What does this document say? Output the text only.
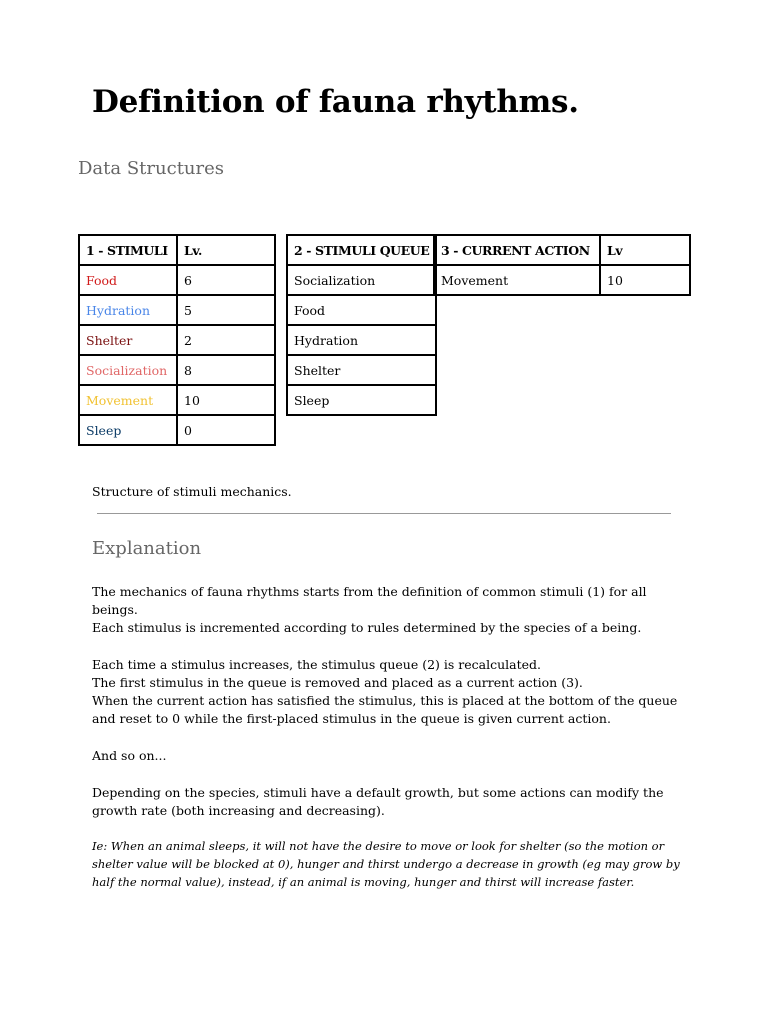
Definition of fauna rhythms.
Data Structures
1 - STIMULI	Lv.
Food	6
Hydration	5
Shelter	2
Socialization	8
Movement	10
Sleep	0
2 - STIMULI QUEUE
Socialization
Food
Hydration
Shelter
Sleep
3 - CURRENT ACTION	Lv
Movement	10

Structure of stimuli mechanics.

Explanation

The mechanics of fauna rhythms starts from the definition of common stimuli (1) for all beings.

Each stimulus is incremented according to rules determined by the species of a being.

Each time a stimulus increases, the stimulus queue (2) is recalculated.

The first stimulus in the queue is removed and placed as a current action (3).

When the current action has satisfied the stimulus, this is placed at the bottom of the queue and reset to 0 while the first-placed stimulus in the queue is given current action.

And so on...
Depending on the species, stimuli have a default growth, but some actions can modify the growth rate (both increasing and decreasing).
Ie: When an animal sleeps, it will not have the desire to move or look for shelter (so the motion or shelter value will be blocked at 0), hunger and thirst undergo a decrease in growth (eg may grow by half the normal value), instead, if an animal is moving, hunger and thirst will increase faster.
